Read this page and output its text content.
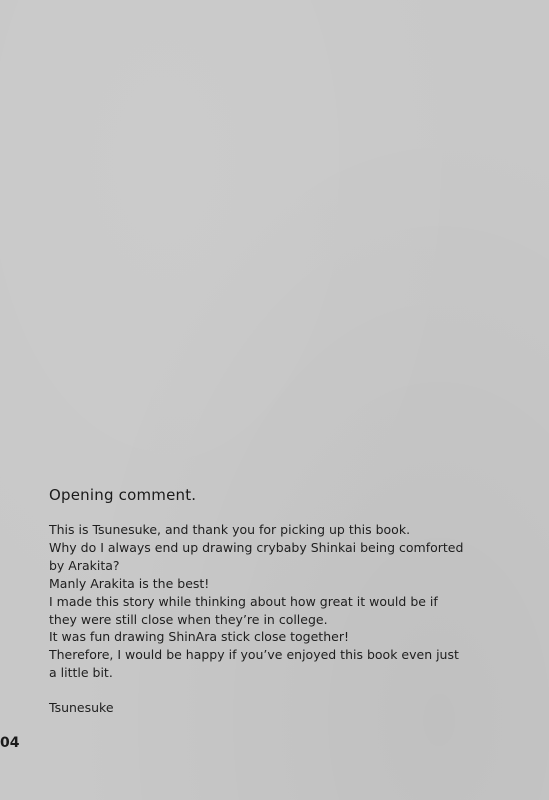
Opening comment.
This is Tsunesuke, and thank you for picking up this book.
Why do I always end up drawing crybaby Shinkai being comforted
by Arakita?
Manly Arakita is the best!
I made this story while thinking about how great it would be if
they were still close when they’re in college.
It was fun drawing ShinAra stick close together!
Therefore, I would be happy if you’ve enjoyed this book even just
a little bit.
Tsunesuke
04
